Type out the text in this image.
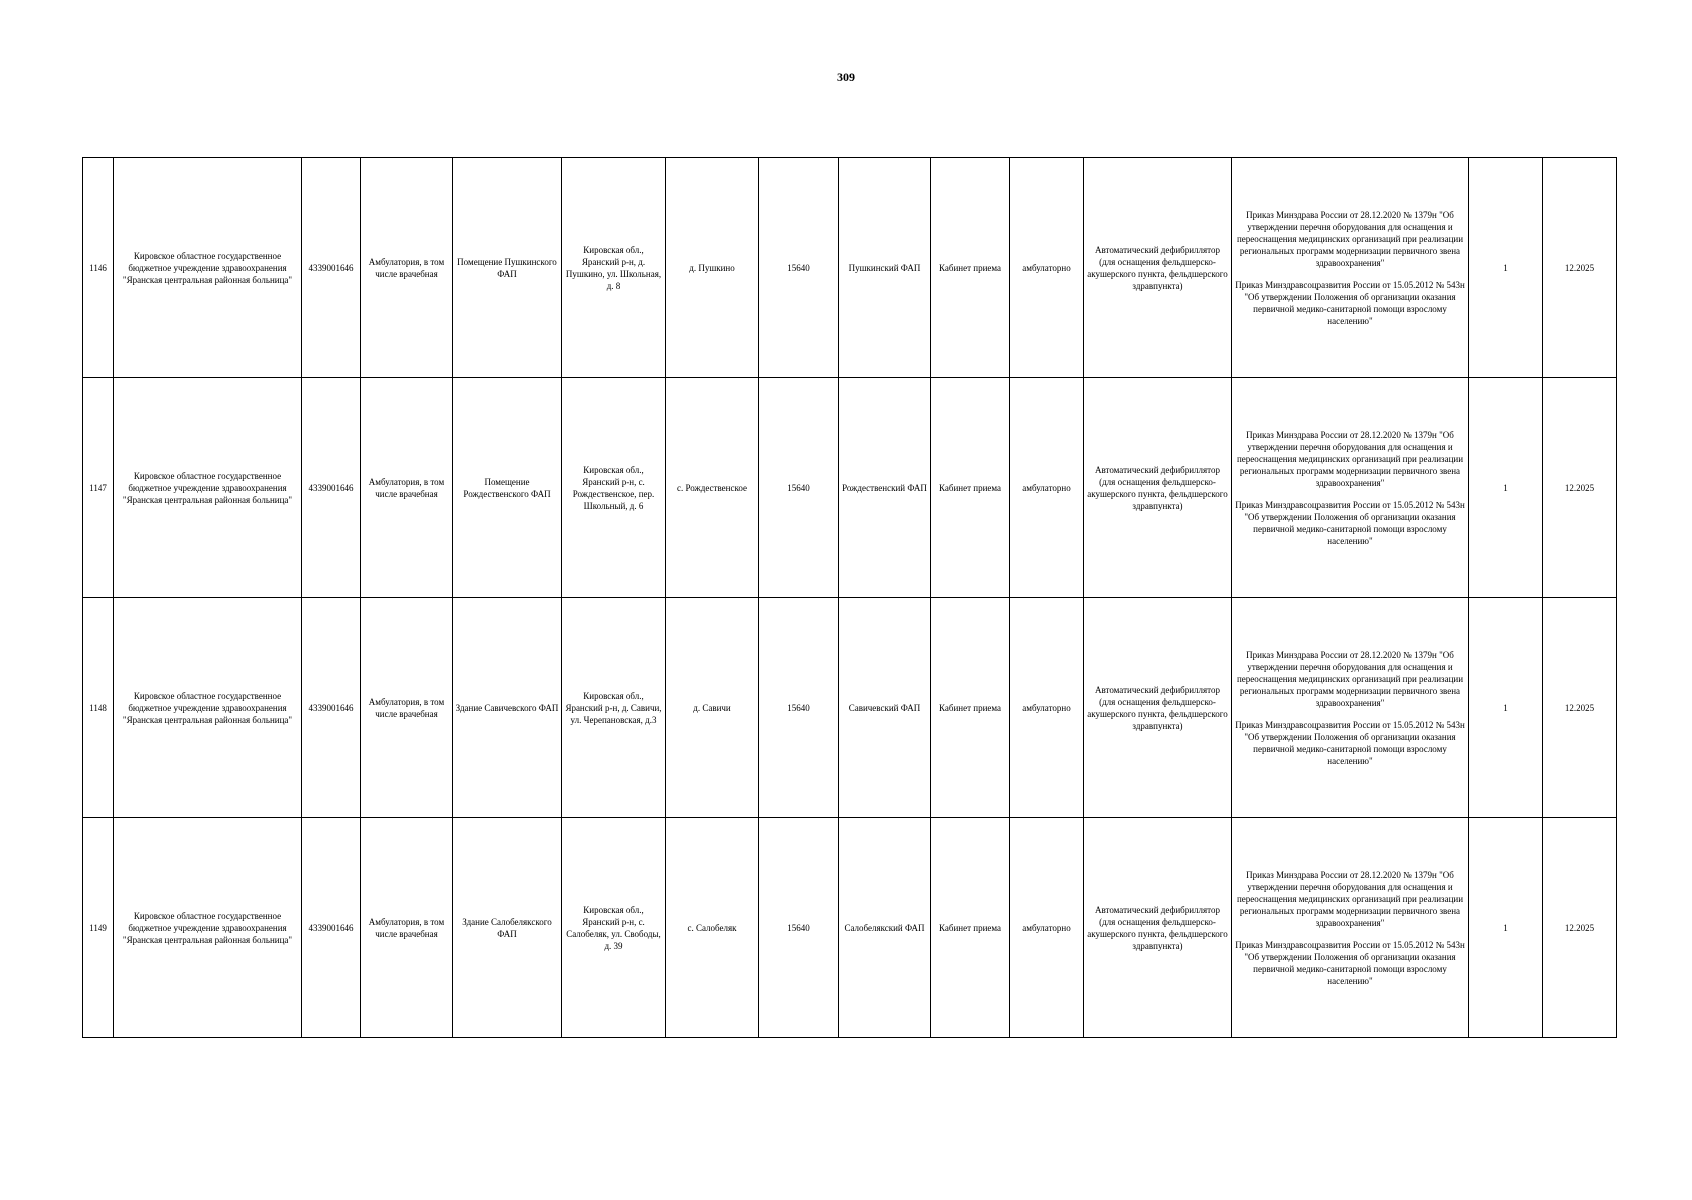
309
1146	Кировское областное государственное бюджетное учреждение здравоохранения "Яранская центральная районная больница"	4339001646	Амбулатория, в том числе врачебная	Помещение Пушкинского ФАП	Кировская обл., Яранский р-н, д. Пушкино, ул. Школьная, д. 8	д. Пушкино	15640	Пушкинский ФАП	Кабинет приема	амбулаторно	Автоматический дефибриллятор (для оснащения фельдшерско-акушерского пункта, фельдшерского здравпункта)	Приказ Минздрава России от 28.12.2020 № 1379н "Об утверждении перечня оборудования для оснащения и переоснащения медицинских организаций при реализации региональных программ модернизации первичного звена здравоохранения"

Приказ Минздравсоцразвития России от 15.05.2012 № 543н "Об утверждении Положения об организации оказания первичной медико-санитарной помощи взрослому населению"	1	12.2025
1147	Кировское областное государственное бюджетное учреждение здравоохранения "Яранская центральная районная больница"	4339001646	Амбулатория, в том числе врачебная	Помещение Рождественского ФАП	Кировская обл., Яранский р-н, с. Рождественское, пер. Школьный, д. 6	с. Рождественское	15640	Рождественский ФАП	Кабинет приема	амбулаторно	Автоматический дефибриллятор (для оснащения фельдшерско-акушерского пункта, фельдшерского здравпункта)	Приказ Минздрава России от 28.12.2020 № 1379н "Об утверждении перечня оборудования для оснащения и переоснащения медицинских организаций при реализации региональных программ модернизации первичного звена здравоохранения"

Приказ Минздравсоцразвития России от 15.05.2012 № 543н "Об утверждении Положения об организации оказания первичной медико-санитарной помощи взрослому населению"	1	12.2025
1148	Кировское областное государственное бюджетное учреждение здравоохранения "Яранская центральная районная больница"	4339001646	Амбулатория, в том числе врачебная	Здание Савичевского ФАП	Кировская обл., Яранский р-н, д. Савичи, ул. Черепановская, д.3	д. Савичи	15640	Савичевский ФАП	Кабинет приема	амбулаторно	Автоматический дефибриллятор (для оснащения фельдшерско-акушерского пункта, фельдшерского здравпункта)	Приказ Минздрава России от 28.12.2020 № 1379н "Об утверждении перечня оборудования для оснащения и переоснащения медицинских организаций при реализации региональных программ модернизации первичного звена здравоохранения"

Приказ Минздравсоцразвития России от 15.05.2012 № 543н "Об утверждении Положения об организации оказания первичной медико-санитарной помощи взрослому населению"	1	12.2025
1149	Кировское областное государственное бюджетное учреждение здравоохранения "Яранская центральная районная больница"	4339001646	Амбулатория, в том числе врачебная	Здание Салобелякского ФАП	Кировская обл., Яранский р-н, с. Салобеляк, ул. Свободы, д. 39	с. Салобеляк	15640	Салобелякский ФАП	Кабинет приема	амбулаторно	Автоматический дефибриллятор (для оснащения фельдшерско-акушерского пункта, фельдшерского здравпункта)	Приказ Минздрава России от 28.12.2020 № 1379н "Об утверждении перечня оборудования для оснащения и переоснащения медицинских организаций при реализации региональных программ модернизации первичного звена здравоохранения"

Приказ Минздравсоцразвития России от 15.05.2012 № 543н "Об утверждении Положения об организации оказания первичной медико-санитарной помощи взрослому населению"	1	12.2025
